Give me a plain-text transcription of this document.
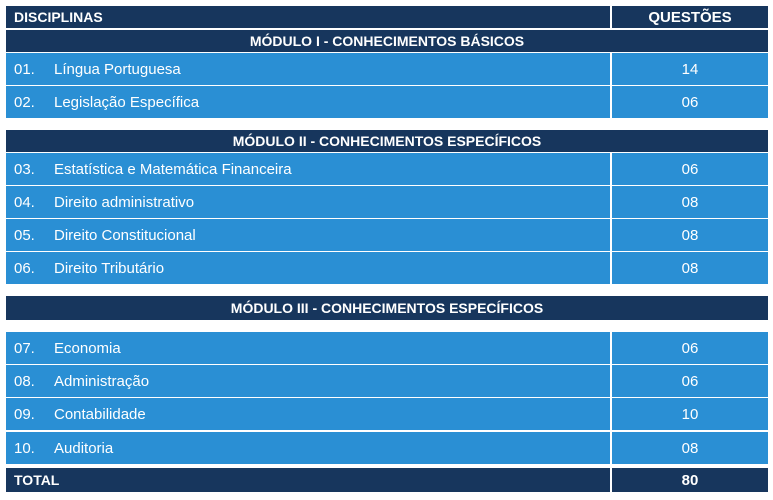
DISCIPLINAS	QUESTÕES
MÓDULO I - CONHECIMENTOS BÁSICOS
01.	Língua Portuguesa	14
02.	Legislação Específica	06
MÓDULO II - CONHECIMENTOS ESPECÍFICOS
03.	Estatística e Matemática Financeira	06
04.	Direito administrativo	08
05.	Direito Constitucional	08
06.	Direito Tributário	08
MÓDULO III - CONHECIMENTOS ESPECÍFICOS
07.	Economia	06
08.	Administração	06
09.	Contabilidade	10
10.	Auditoria	08
TOTAL	80
